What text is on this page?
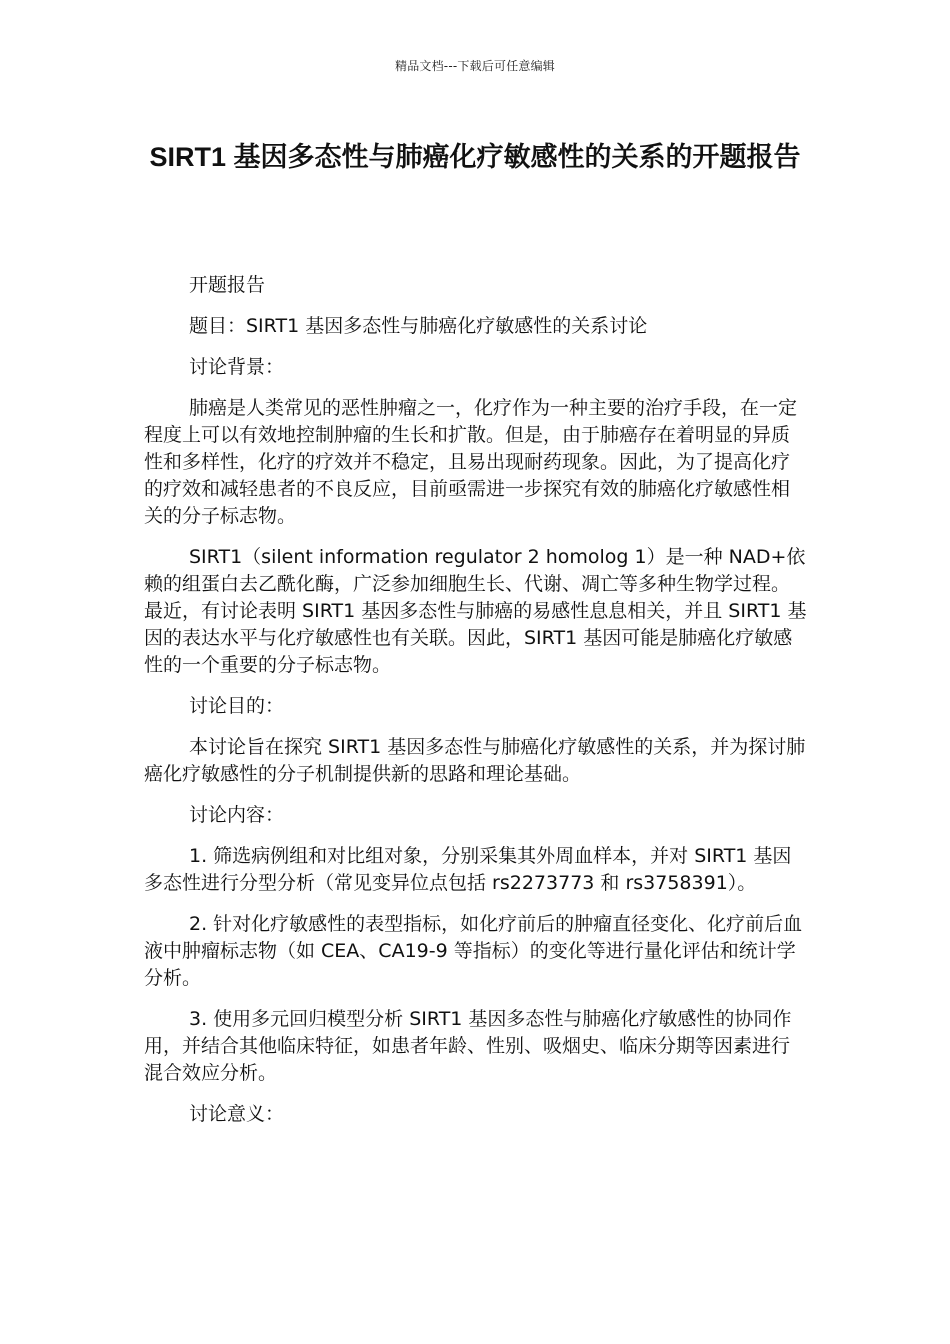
精品文档---下载后可任意编辑
SIRT1 基因多态性与肺癌化疗敏感性的关系的开题报告

开题报告

题目：SIRT1 基因多态性与肺癌化疗敏感性的关系讨论

讨论背景：

肺癌是人类常见的恶性肿瘤之一，化疗作为一种主要的治疗手段，在一定程度上可以有效地控制肿瘤的生长和扩散。但是，由于肺癌存在着明显的异质性和多样性，化疗的疗效并不稳定，且易出现耐药现象。因此，为了提高化疗的疗效和减轻患者的不良反应，目前亟需进一步探究有效的肺癌化疗敏感性相关的分子标志物。

SIRT1（silent information regulator 2 homolog 1）是一种 NAD+依赖的组蛋白去乙酰化酶，广泛参加细胞生长、代谢、凋亡等多种生物学过程。最近，有讨论表明 SIRT1 基因多态性与肺癌的易感性息息相关，并且 SIRT1 基因的表达水平与化疗敏感性也有关联。因此，SIRT1 基因可能是肺癌化疗敏感性的一个重要的分子标志物。

讨论目的：

本讨论旨在探究 SIRT1 基因多态性与肺癌化疗敏感性的关系，并为探讨肺癌化疗敏感性的分子机制提供新的思路和理论基础。

讨论内容：

1. 筛选病例组和对比组对象，分别采集其外周血样本，并对 SIRT1 基因多态性进行分型分析（常见变异位点包括 rs2273773 和 rs3758391）。

2. 针对化疗敏感性的表型指标，如化疗前后的肿瘤直径变化、化疗前后血液中肿瘤标志物（如 CEA、CA19-9 等指标）的变化等进行量化评估和统计学分析。

3. 使用多元回归模型分析 SIRT1 基因多态性与肺癌化疗敏感性的协同作用，并结合其他临床特征，如患者年龄、性别、吸烟史、临床分期等因素进行混合效应分析。

讨论意义：
